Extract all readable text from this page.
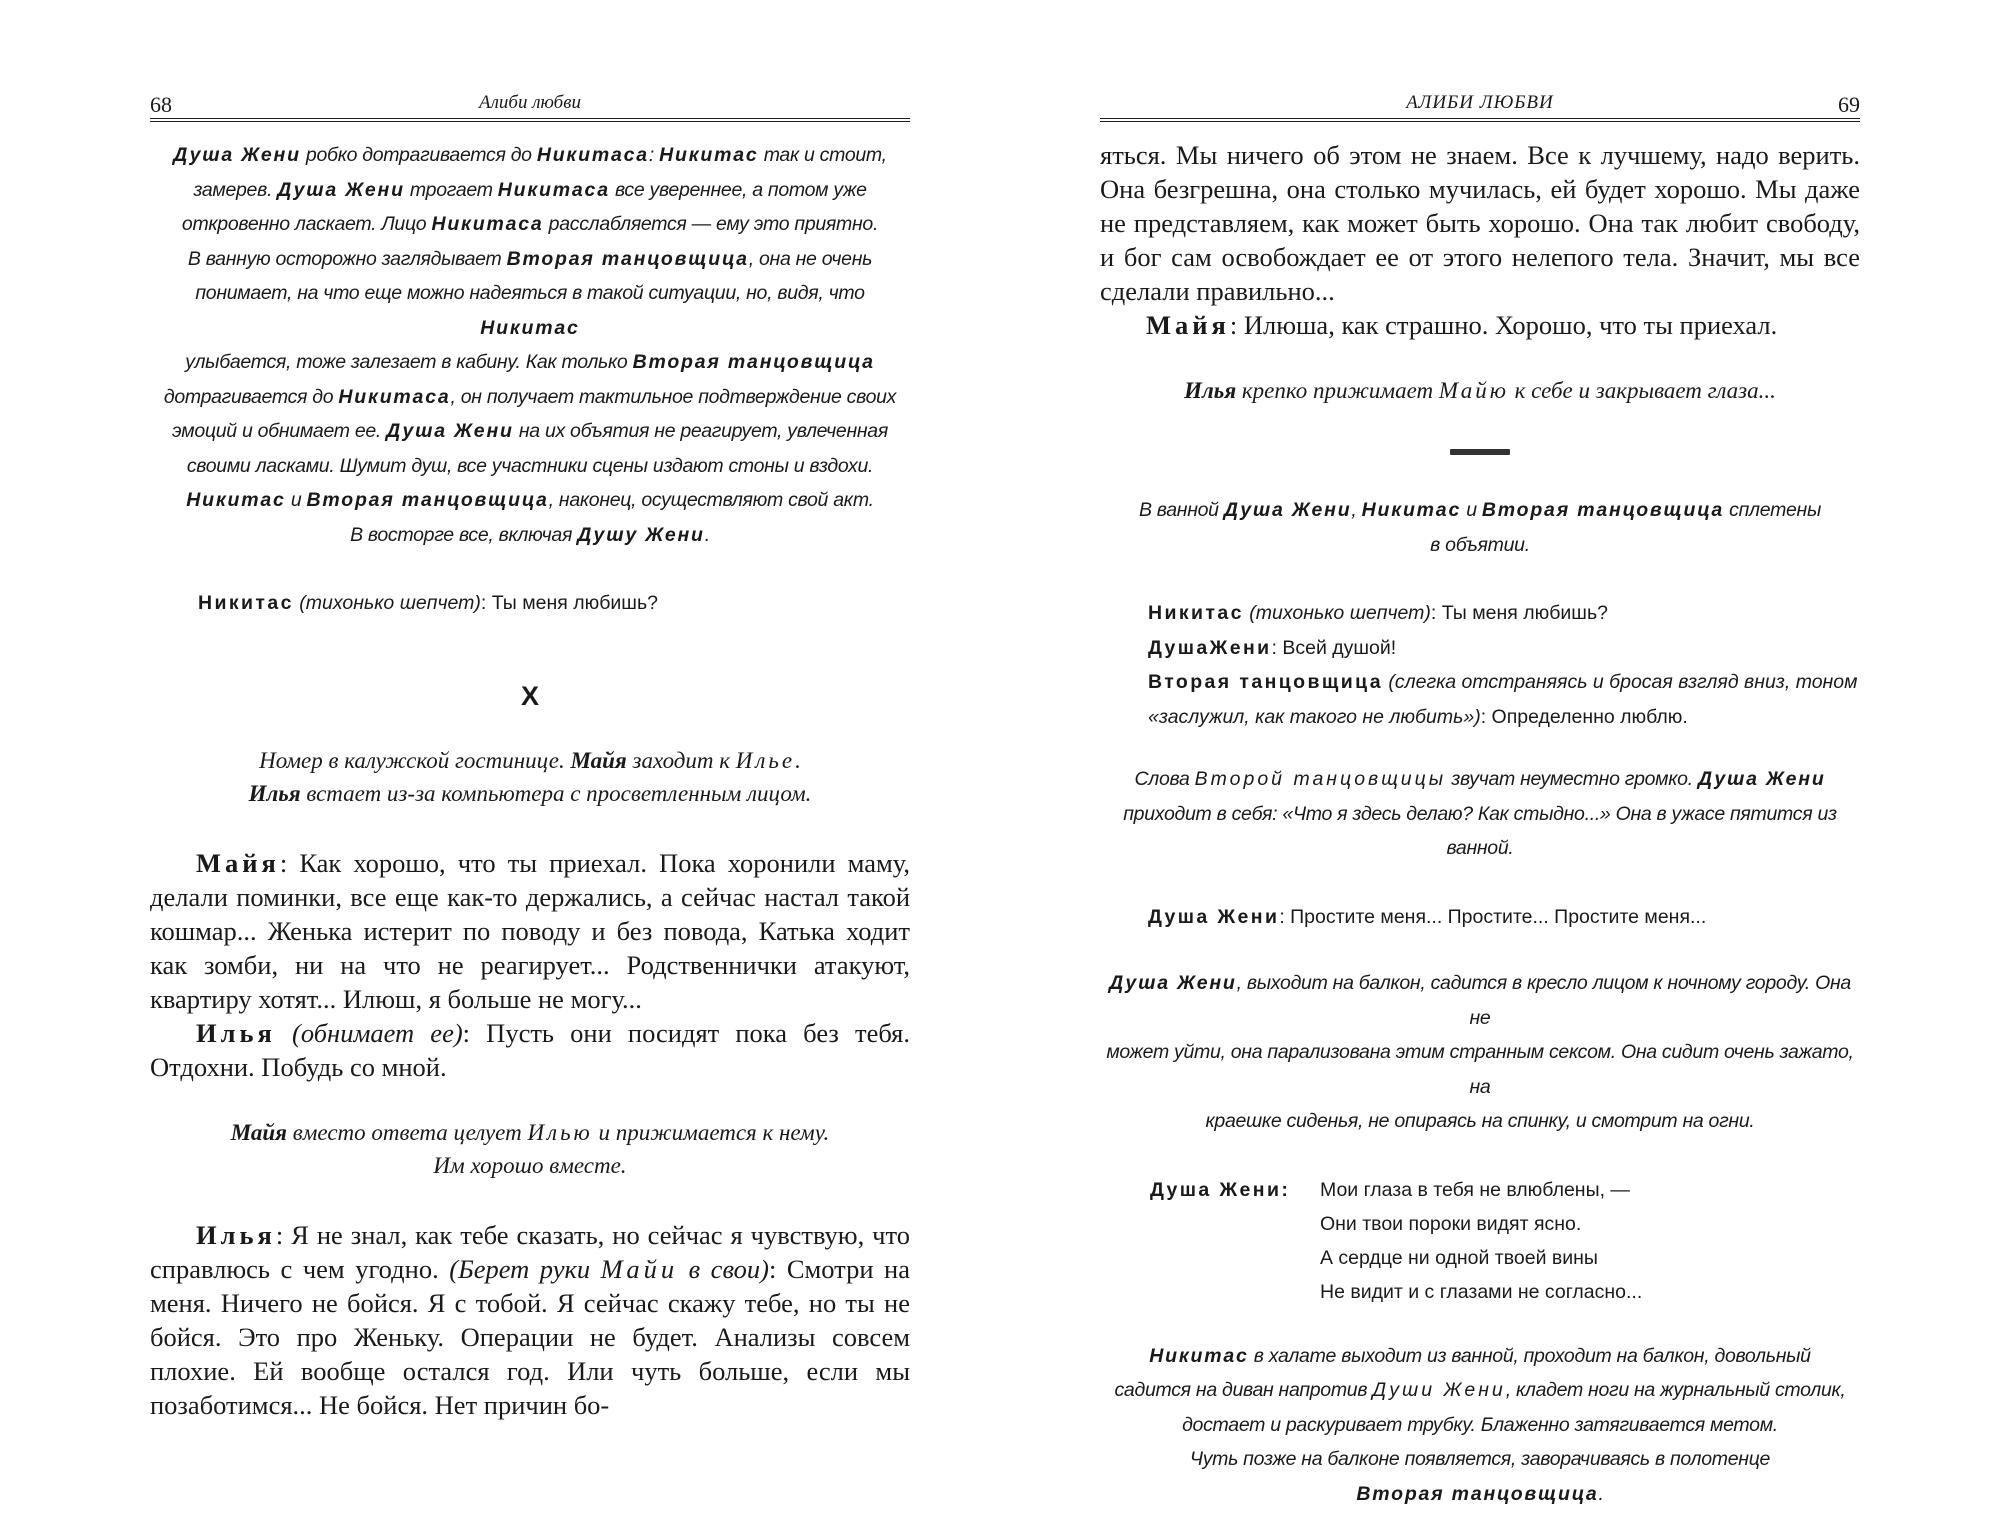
68	Алиби любви
Душа Жени робко дотрагивается до Никитаса: Никитас так и стоит,
замерев. Душа Жени трогает Никитаса все увереннее, а потом уже
откровенно ласкает. Лицо Никитаса расслабляется — ему это приятно.
В ванную осторожно заглядывает Вторая танцовщица, она не очень
понимает, на что еще можно надеяться в такой ситуации, но, видя, что Никитас
улыбается, тоже залезает в кабину. Как только Вторая танцовщица
дотрагивается до Никитаса, он получает тактильное подтверждение своих
эмоций и обнимает ее. Душа Жени на их объятия не реагирует, увлеченная
своими ласками. Шумит душ, все участники сцены издают стоны и вздохи.
Никитас и Вторая танцовщица, наконец, осуществляют свой акт.
В восторге все, включая Душу Жени.
Никитас (тихонько шепчет): Ты меня любишь?
X
Номер в калужской гостинице. Майя заходит к Илье.
Илья встает из-за компьютера с просветленным лицом.

Майя: Как хорошо, что ты приехал. Пока хоронили маму, делали поминки, все еще как-то держались, а сейчас настал такой кошмар... Женька истерит по поводу и без повода, Катька ходит как зомби, ни на что не реагирует... Родственнички атакуют, квартиру хотят... Илюш, я больше не могу...

Илья (обнимает ее): Пусть они посидят пока без тебя. Отдохни. Побудь со мной.

Майя вместо ответа целует Илью и прижимается к нему.
Им хорошо вместе.

Илья: Я не знал, как тебе сказать, но сейчас я чувствую, что справлюсь с чем угодно. (Берет руки Майи в свои): Смотри на меня. Ничего не бойся. Я с тобой. Я сейчас скажу тебе, но ты не бойся. Это про Женьку. Операции не будет. Анализы совсем плохие. Ей вообще остался год. Или чуть больше, если мы позаботимся... Не бойся. Нет причин бо-

АЛИБИ ЛЮБВИ	69

яться. Мы ничего об этом не знаем. Все к лучшему, надо верить. Она безгрешна, она столько мучилась, ей будет хорошо. Мы даже не представляем, как может быть хорошо. Она так любит свободу, и бог сам освобождает ее от этого нелепого тела. Значит, мы все сделали правильно...

Майя: Илюша, как страшно. Хорошо, что ты приехал.

Илья крепко прижимает Майю к себе и закрывает глаза...
В ванной Душа Жени, Никитас и Вторая танцовщица сплетены
в объятии.
Никитас (тихонько шепчет): Ты меня любишь?
ДушаЖени: Всей душой!
Вторая танцовщица (слегка отстраняясь и бросая взгляд вниз, тоном «заслужил, как такого не любить»): Определенно люблю.
Слова Второй танцовщицы звучат неуместно громко. Душа Жени
приходит в себя: «Что я здесь делаю? Как стыдно...» Она в ужасе пятится из ванной.
Душа Жени: Простите меня... Простите... Простите меня...
Душа Жени, выходит на балкон, садится в кресло лицом к ночному городу. Она не
может уйти, она парализована этим странным сексом. Она сидит очень зажато, на
краешке сиденья, не опираясь на спинку, и смотрит на огни.
Душа Жени: Мои глаза в тебя не влюблены, —
Они твои пороки видят ясно.
А сердце ни одной твоей вины
Не видит и с глазами не согласно...
Никитас в халате выходит из ванной, проходит на балкон, довольный
садится на диван напротив Души Жени, кладет ноги на журнальный столик,
достает и раскуривает трубку. Блаженно затягивается метом.
Чуть позже на балконе появляется, заворачиваясь в полотенце
Вторая танцовщица.
